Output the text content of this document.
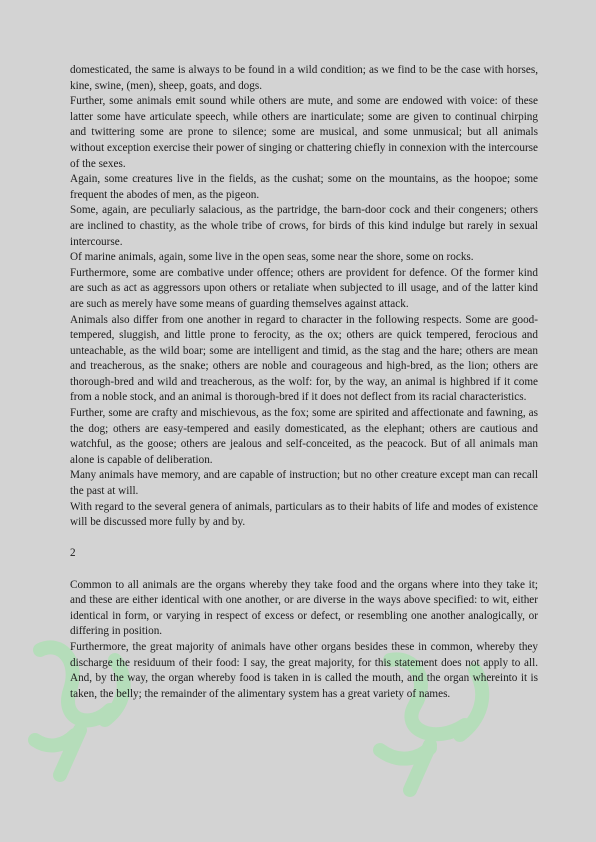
domesticated, the same is always to be found in a wild condition; as we find to be the case with horses, kine, swine, (men), sheep, goats, and dogs.

Further, some animals emit sound while others are mute, and some are endowed with voice: of these latter some have articulate speech, while others are inarticulate; some are given to continual chirping and twittering some are prone to silence; some are musical, and some unmusical; but all animals without exception exercise their power of singing or chattering chiefly in connexion with the intercourse of the sexes.

Again, some creatures live in the fields, as the cushat; some on the mountains, as the hoopoe; some frequent the abodes of men, as the pigeon.

Some, again, are peculiarly salacious, as the partridge, the barn-door cock and their congeners; others are inclined to chastity, as the whole tribe of crows, for birds of this kind indulge but rarely in sexual intercourse.

Of marine animals, again, some live in the open seas, some near the shore, some on rocks.

Furthermore, some are combative under offence; others are provident for defence. Of the former kind are such as act as aggressors upon others or retaliate when subjected to ill usage, and of the latter kind are such as merely have some means of guarding themselves against attack.

Animals also differ from one another in regard to character in the following respects. Some are good-tempered, sluggish, and little prone to ferocity, as the ox; others are quick tempered, ferocious and unteachable, as the wild boar; some are intelligent and timid, as the stag and the hare; others are mean and treacherous, as the snake; others are noble and courageous and high-bred, as the lion; others are thorough-bred and wild and treacherous, as the wolf: for, by the way, an animal is highbred if it come from a noble stock, and an animal is thorough-bred if it does not deflect from its racial characteristics.

Further, some are crafty and mischievous, as the fox; some are spirited and affectionate and fawning, as the dog; others are easy-tempered and easily domesticated, as the elephant; others are cautious and watchful, as the goose; others are jealous and self-conceited, as the peacock. But of all animals man alone is capable of deliberation.

Many animals have memory, and are capable of instruction; but no other creature except man can recall the past at will.

With regard to the several genera of animals, particulars as to their habits of life and modes of existence will be discussed more fully by and by.

2

Common to all animals are the organs whereby they take food and the organs where into they take it; and these are either identical with one another, or are diverse in the ways above specified: to wit, either identical in form, or varying in respect of excess or defect, or resembling one another analogically, or differing in position.

Furthermore, the great majority of animals have other organs besides these in common, whereby they discharge the residuum of their food: I say, the great majority, for this statement does not apply to all. And, by the way, the organ whereby food is taken in is called the mouth, and the organ whereinto it is taken, the belly; the remainder of the alimentary system has a great variety of names.
